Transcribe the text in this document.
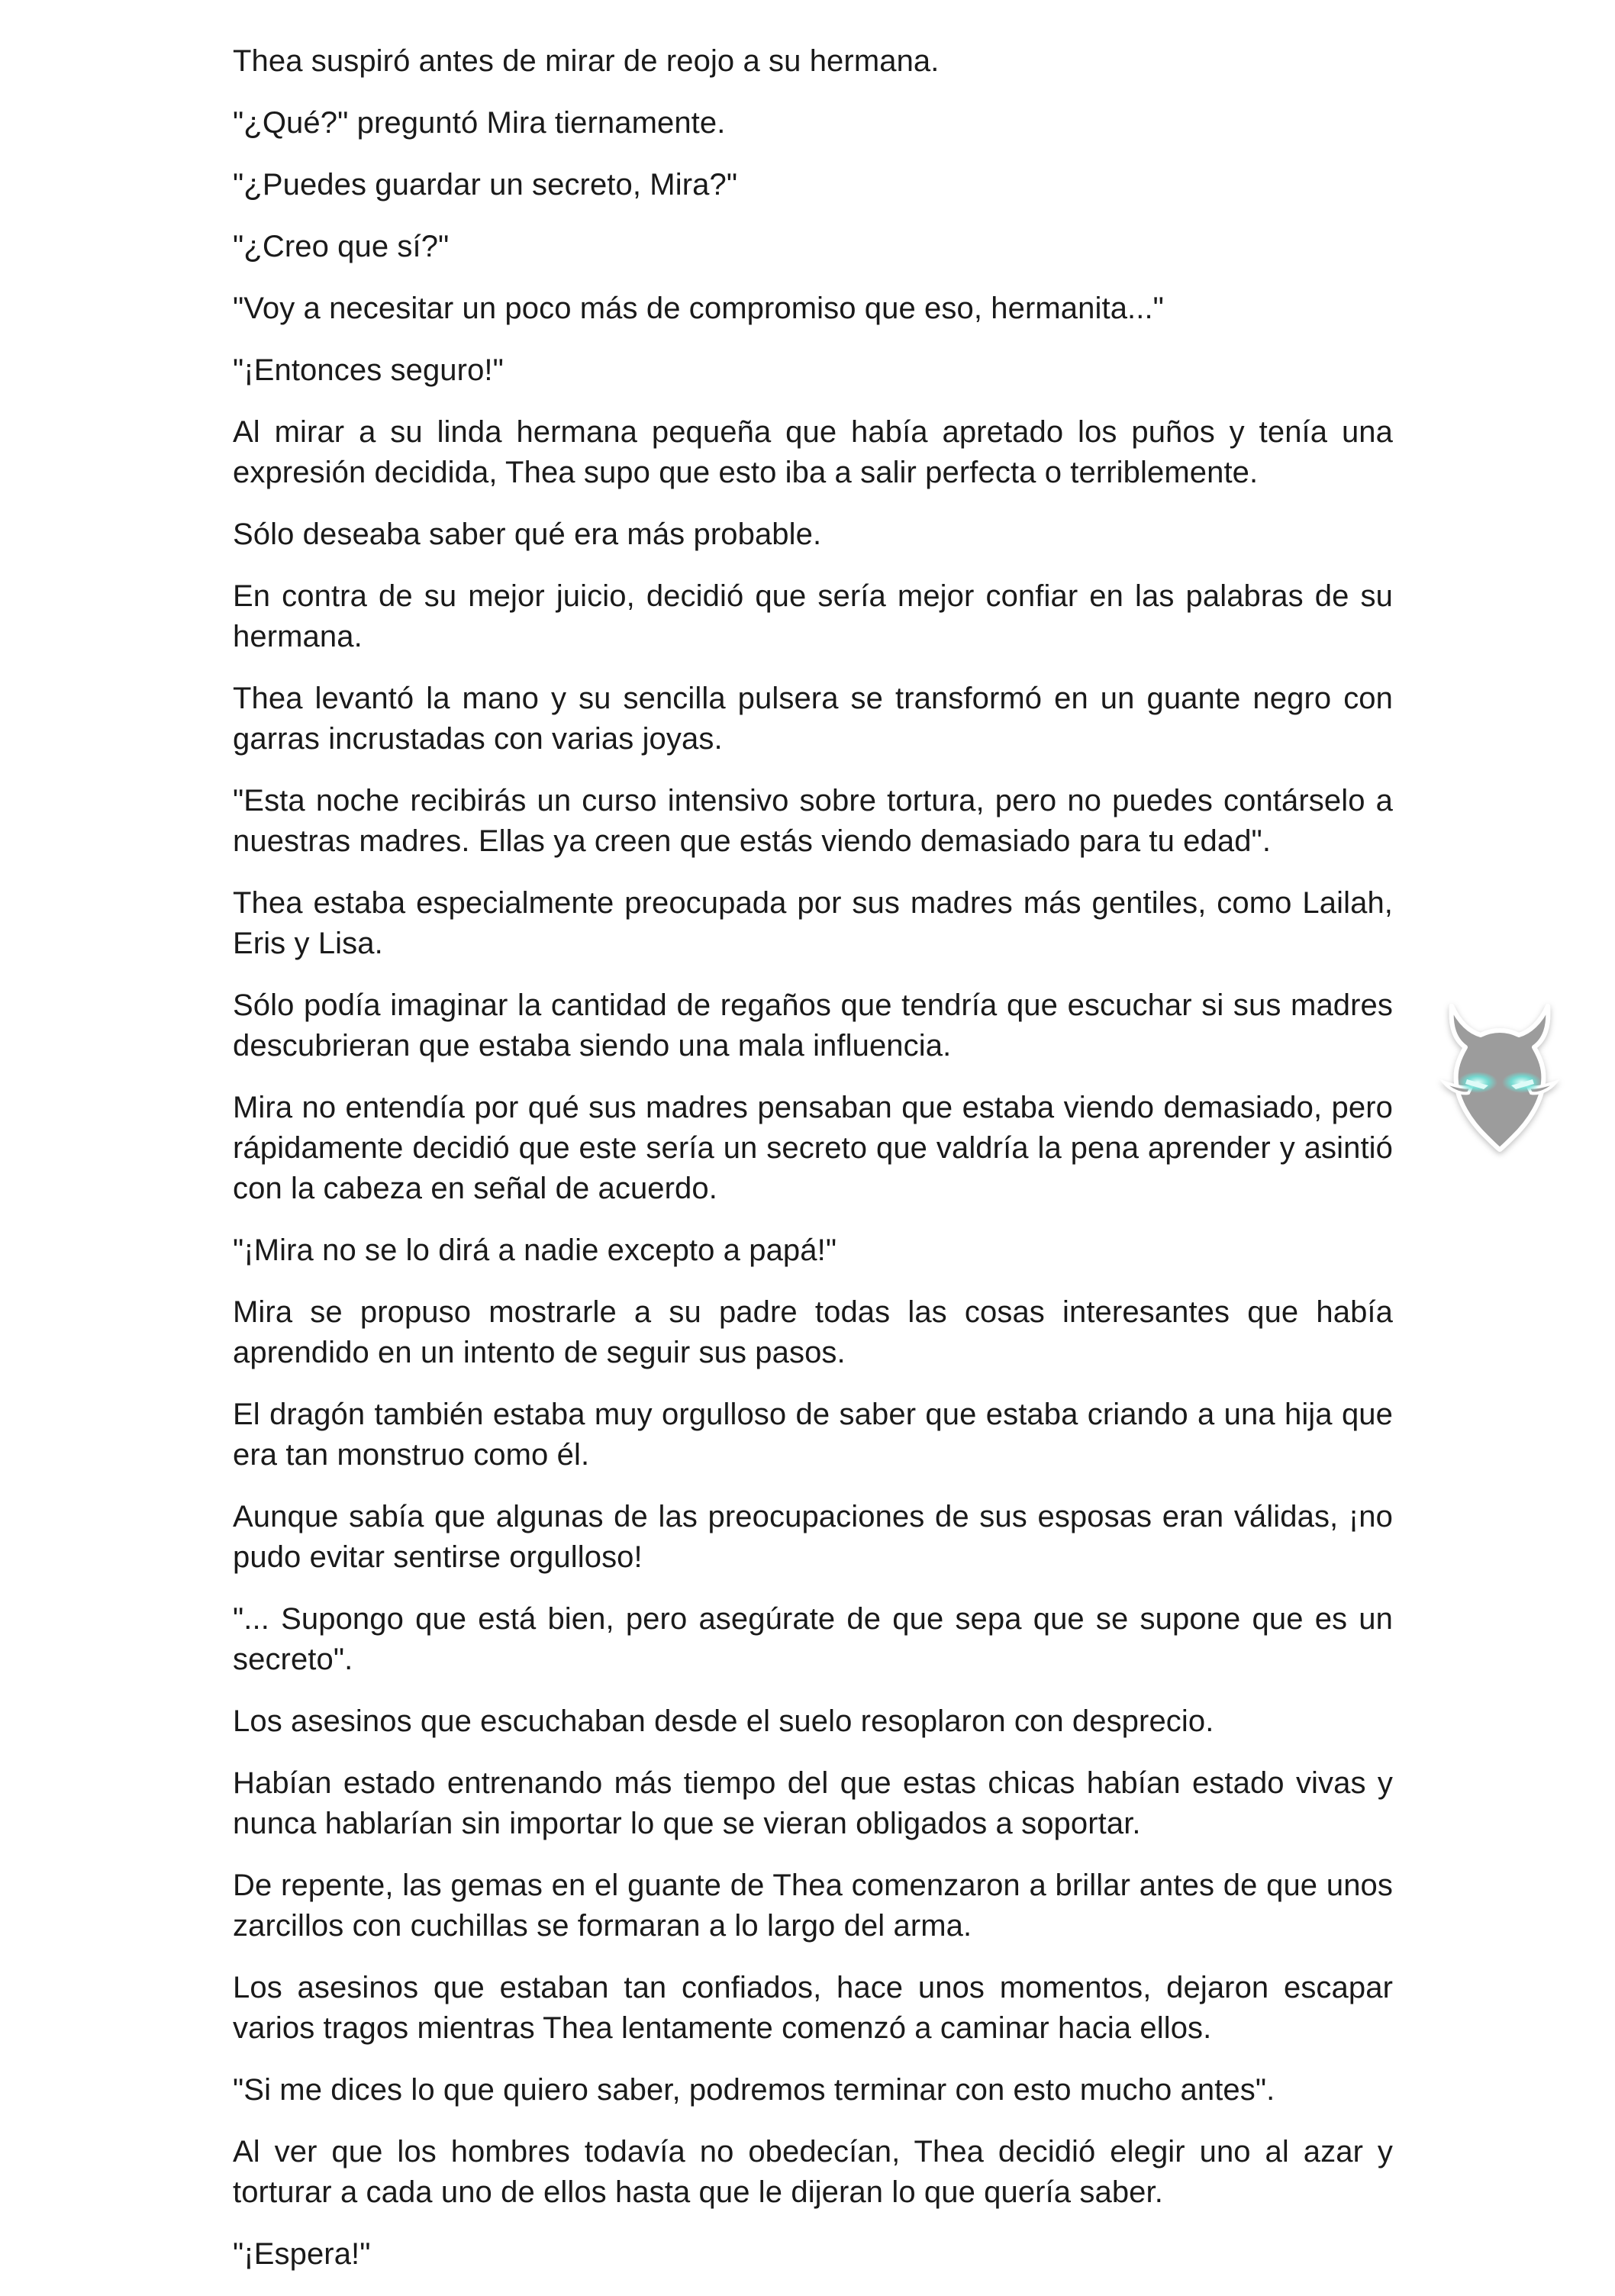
Thea suspiró antes de mirar de reojo a su hermana.

"¿Qué?" preguntó Mira tiernamente.

"¿Puedes guardar un secreto, Mira?"

"¿Creo que sí?"

"Voy a necesitar un poco más de compromiso que eso, hermanita..."

"¡Entonces seguro!"

Al mirar a su linda hermana pequeña que había apretado los puños y tenía una expresión decidida, Thea supo que esto iba a salir perfecta o terriblemente.

Sólo deseaba saber qué era más probable.

En contra de su mejor juicio, decidió que sería mejor confiar en las palabras de su hermana.

Thea levantó la mano y su sencilla pulsera se transformó en un guante negro con garras incrustadas con varias joyas.

"Esta noche recibirás un curso intensivo sobre tortura, pero no puedes contárselo a nuestras madres. Ellas ya creen que estás viendo demasiado para tu edad".

Thea estaba especialmente preocupada por sus madres más gentiles, como Lailah, Eris y Lisa.

Sólo podía imaginar la cantidad de regaños que tendría que escuchar si sus madres descubrieran que estaba siendo una mala influencia.

Mira no entendía por qué sus madres pensaban que estaba viendo demasiado, pero rápidamente decidió que este sería un secreto que valdría la pena aprender y asintió con la cabeza en señal de acuerdo.

"¡Mira no se lo dirá a nadie excepto a papá!"

Mira se propuso mostrarle a su padre todas las cosas interesantes que había aprendido en un intento de seguir sus pasos.

El dragón también estaba muy orgulloso de saber que estaba criando a una hija que era tan monstruo como él.

Aunque sabía que algunas de las preocupaciones de sus esposas eran válidas, ¡no pudo evitar sentirse orgulloso!

"... Supongo que está bien, pero asegúrate de que sepa que se supone que es un secreto".

Los asesinos que escuchaban desde el suelo resoplaron con desprecio.

Habían estado entrenando más tiempo del que estas chicas habían estado vivas y nunca hablarían sin importar lo que se vieran obligados a soportar.

De repente, las gemas en el guante de Thea comenzaron a brillar antes de que unos zarcillos con cuchillas se formaran a lo largo del arma.

Los asesinos que estaban tan confiados, hace unos momentos, dejaron escapar varios tragos mientras Thea lentamente comenzó a caminar hacia ellos.

"Si me dices lo que quiero saber, podremos terminar con esto mucho antes".

Al ver que los hombres todavía no obedecían, Thea decidió elegir uno al azar y torturar a cada uno de ellos hasta que le dijeran lo que quería saber.

"¡Espera!"
